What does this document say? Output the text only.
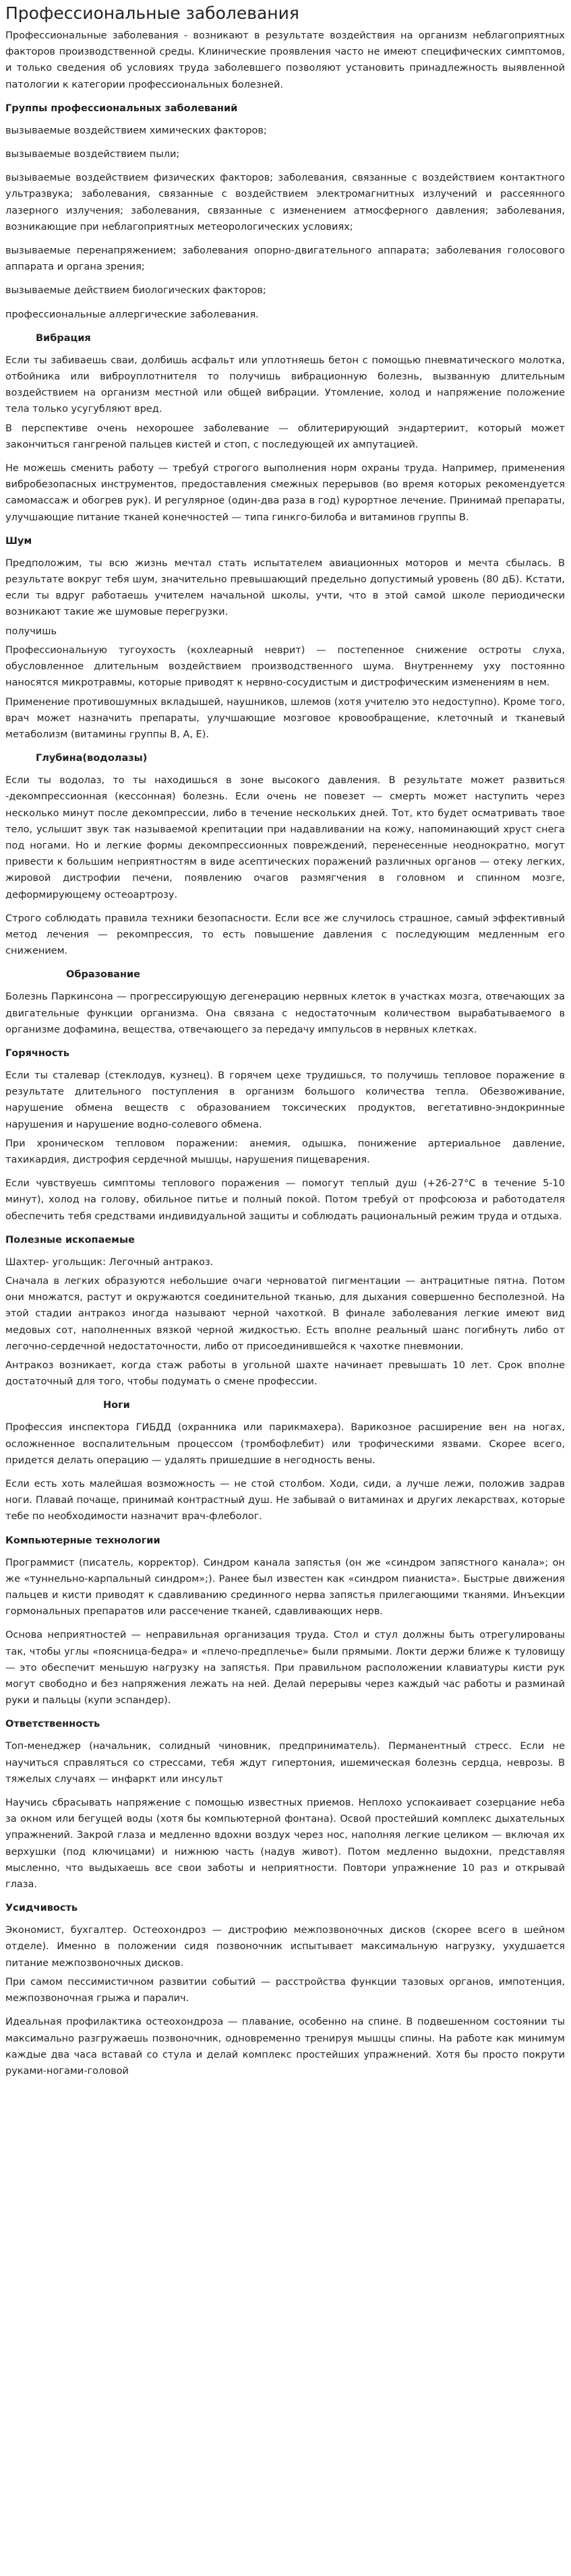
Профессиональные заболевания

Профессиональные заболевания - возникают в результате воздействия на организм неблагоприятных факторов производственной среды. Клинические проявления часто не имеют специфических симптомов, и только сведения об условиях труда заболевшего позволяют установить принадлежность выявленной патологии к категории профессиональных болезней.

Группы профессиональных заболеваний

вызываемые воздействием химических факторов;

вызываемые воздействием пыли;

вызываемые воздействием физических факторов; заболевания, связанные с воздействием контактного ультразвука; заболевания, связанные с воздействием электромагнитных излучений и рассеянного лазерного излучения; заболевания, связанные с изменением атмосферного давления; заболевания, возникающие при неблагоприятных метеорологических условиях;

вызываемые перенапряжением; заболевания опорно-двигательного аппарата; заболевания голосового аппарата и органа зрения;

вызываемые действием биологических факторов;

профессиональные аллергические заболевания.

Вибрация

Если ты забиваешь сваи, долбишь асфальт или уплотняешь бетон с помощью пневматического молотка, отбойника или виброуплотнителя то получишь вибрационную болезнь, вызванную длительным воздействием на организм местной или общей вибрации. Утомление, холод и напряжение положение тела только усугубляют вред.

В перспективе очень нехорошее заболевание — облитерирующий эндартериит, который может закончиться гангреной пальцев кистей и стоп, с последующей их ампутацией.

Не можешь сменить работу — требуй строгого выполнения норм охраны труда. Например, применения вибробезопасных инструментов, предоставления смежных перерывов (во время которых рекомендуется самомассаж и обогрев рук). И регулярное (один-два раза в год) курортное лечение. Принимай препараты, улучшающие питание тканей конечностей — типа гинкго-билоба и витаминов группы В.

Шум

Предположим, ты всю жизнь мечтал стать испытателем авиационных моторов и мечта сбылась. В результате вокруг тебя шум, значительно превышающий предельно допустимый уровень (80 дБ). Кстати, если ты вдруг работаешь учителем начальной школы, учти, что в этой самой школе периодически возникают такие же шумовые перегрузки.

получишь

Профессиональную тугоухость (кохлеарный неврит) — постепенное снижение остроты слуха, обусловленное длительным воздействием производственного шума. Внутреннему уху постоянно наносятся микротравмы, которые приводят к нервно-сосудистым и дистрофическим изменениям в нем.

Применение противошумных вкладышей, наушников, шлемов (хотя учителю это недоступно). Кроме того, врач может назначить препараты, улучшающие мозговое кровообращение, клеточный и тканевый метаболизм (витамины группы В, А, Е).

Глубина(водолазы)

Если ты водолаз, то ты находишься в зоне высокого давления. В результате может развиться -декомпрессионная (кессонная) болезнь. Если очень не повезет — смерть может наступить через несколько минут после декомпрессии, либо в течение нескольких дней. Тот, кто будет осматривать твое тело, услышит звук так называемой крепитации при надавливании на кожу, напоминающий хруст снега под ногами. Но и легкие формы декомпрессионных повреждений, перенесенные неоднократно, могут привести к большим неприятностям в виде асептических поражений различных органов — отеку легких, жировой дистрофии печени, появлению очагов размягчения в головном и спинном мозге, деформирующему остеоартрозу.

Строго соблюдать правила техники безопасности. Если все же случилось страшное, самый эффективный метод лечения — рекомпрессия, то есть повышение давления с последующим медленным его снижением.

Образование

Болезнь Паркинсона — прогрессирующую дегенерацию нервных клеток в участках мозга, отвечающих за двигательные функции организма. Она связана с недостаточным количеством вырабатываемого в организме дофамина, вещества, отвечающего за передачу импульсов в нервных клетках.

Горячность

Если ты сталевар (стеклодув, кузнец). В горячем цехе трудишься, то получишь тепловое поражение в результате длительного поступления в организм большого количества тепла. Обезвоживание, нарушение обмена веществ с образованием токсических продуктов, вегетативно-эндокринные нарушения и нарушение водно-солевого обмена.

При хроническом тепловом поражении: анемия, одышка, понижение артериальное давление, тахикардия, дистрофия сердечной мышцы, нарушения пищеварения.

Если чувствуешь симптомы теплового поражения — помогут теплый душ (+26-27°C в течение 5-10 минут), холод на голову, обильное питье и полный покой. Потом требуй от профсоюза и работодателя обеспечить тебя средствами индивидуальной защиты и соблюдать рациональный режим труда и отдыха.

Полезные ископаемые

Шахтер- угольщик: Легочный антракоз.

Сначала в легких образуются небольшие очаги черноватой пигментации — антрацитные пятна. Потом они множатся, растут и окружаются соединительной тканью, для дыхания совершенно бесполезной. На этой стадии антракоз иногда называют черной чахоткой. В финале заболевания легкие имеют вид медовых сот, наполненных вязкой черной жидкостью. Есть вполне реальный шанс погибнуть либо от легочно-сердечной недостаточности, либо от присоединившейся к чахотке пневмонии.

Антракоз возникает, когда стаж работы в угольной шахте начинает превышать 10 лет. Срок вполне достаточный для того, чтобы подумать о смене профессии.

Ноги

Профессия инспектора ГИБДД (охранника или парикмахера). Варикозное расширение вен на ногах, осложненное воспалительным процессом (тромбофлебит) или трофическими язвами. Скорее всего, придется делать операцию — удалять пришедшие в негодность вены.

Если есть хоть малейшая возможность — не стой столбом. Ходи, сиди, а лучше лежи, положив задрав ноги. Плавай почаще, принимай контрастный душ. Не забывай о витаминах и других лекарствах, которые тебе по необходимости назначит врач-флеболог.

Компьютерные технологии

Программист (писатель, корректор). Синдром канала запястья (он же «синдром запястного канала»; он же «туннельно-карпальный синдром»;). Ранее был известен как «синдром пианиста». Быстрые движения пальцев и кисти приводят к сдавливанию срединного нерва запястья прилегающими тканями. Инъекции гормональных препаратов или рассечение тканей, сдавливающих нерв.

Основа неприятностей — неправильная организация труда. Стол и стул должны быть отрегулированы так, чтобы углы «поясница-бедра» и «плечо-предплечье» были прямыми. Локти держи ближе к туловищу — это обеспечит меньшую нагрузку на запястья. При правильном расположении клавиатуры кисти рук могут свободно и без напряжения лежать на ней. Делай перерывы через каждый час работы и разминай руки и пальцы (купи эспандер).

Ответственность

Топ-менеджер (начальник, солидный чиновник, предприниматель). Перманентный стресс. Если не научиться справляться со стрессами, тебя ждут гипертония, ишемическая болезнь сердца, неврозы. В тяжелых случаях — инфаркт или инсульт

Научись сбрасывать напряжение с помощью известных приемов. Неплохо успокаивает созерцание неба за окном или бегущей воды (хотя бы компьютерной фонтана). Освой простейший комплекс дыхательных упражнений. Закрой глаза и медленно вдохни воздух через нос, наполняя легкие целиком — включая их верхушки (под ключицами) и нижнюю часть (надув живот). Потом медленно выдохни, представляя мысленно, что выдыхаешь все свои заботы и неприятности. Повтори упражнение 10 раз и открывай глаза.

Усидчивость

Экономист, бухгалтер. Остеохондроз — дистрофию межпозвоночных дисков (скорее всего в шейном отделе). Именно в положении сидя позвоночник испытывает максимальную нагрузку, ухудшается питание межпозвоночных дисков.

При самом пессимистичном развитии событий — расстройства функции тазовых органов, импотенция, межпозвоночная грыжа и паралич.

Идеальная профилактика остеохондроза — плавание, особенно на спине. В подвешенном состоянии ты максимально разгружаешь позвоночник, одновременно тренируя мышцы спины. На работе как минимум каждые два часа вставай со стула и делай комплекс простейших упражнений. Хотя бы просто покрути руками-ногами-головой
